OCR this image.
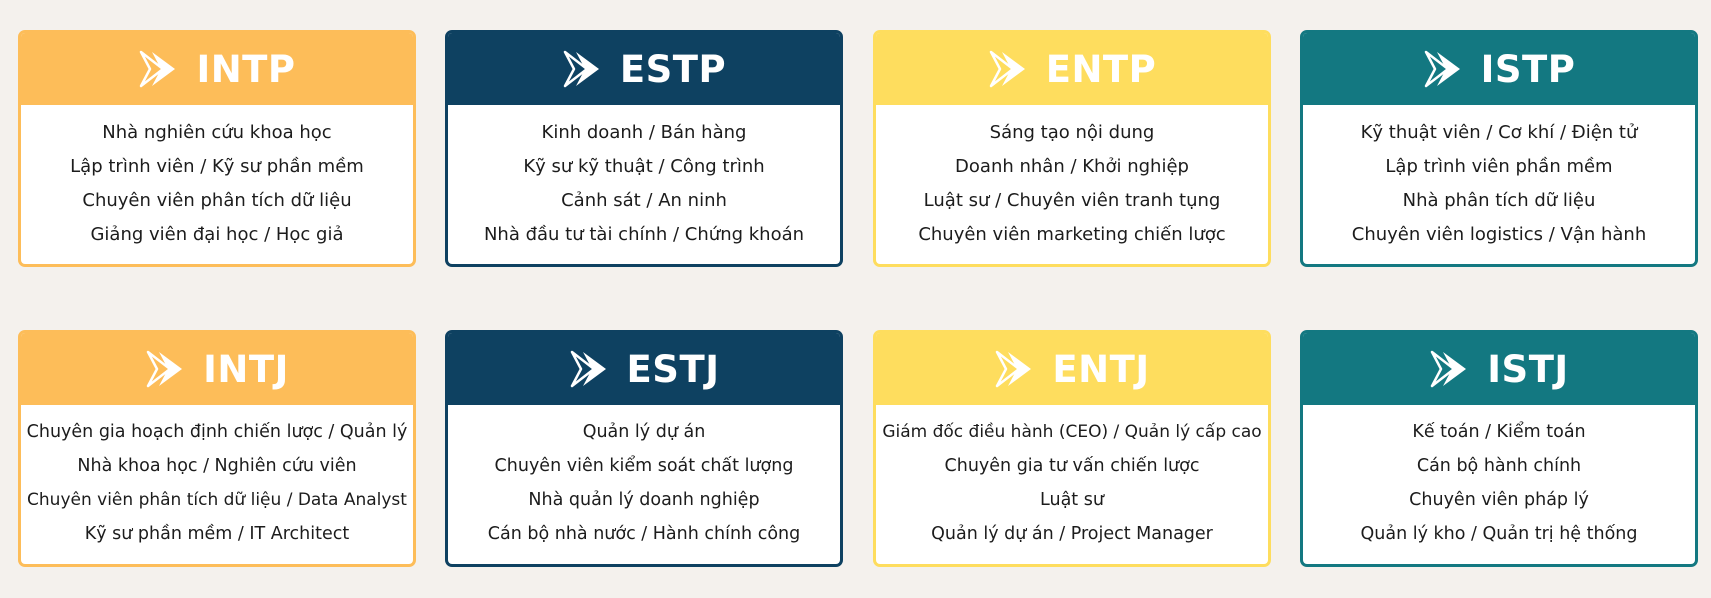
INTP
Nhà nghiên cứu khoa học
Lập trình viên / Kỹ sư phần mềm
Chuyên viên phân tích dữ liệu
Giảng viên đại học / Học giả
ESTP
Kinh doanh / Bán hàng
Kỹ sư kỹ thuật / Công trình
Cảnh sát / An ninh
Nhà đầu tư tài chính / Chứng khoán
ENTP
Sáng tạo nội dung
Doanh nhân / Khởi nghiệp
Luật sư / Chuyên viên tranh tụng
Chuyên viên marketing chiến lược
ISTP
Kỹ thuật viên / Cơ khí / Điện tử
Lập trình viên phần mềm
Nhà phân tích dữ liệu
Chuyên viên logistics / Vận hành
INTJ
Chuyên gia hoạch định chiến lược / Quản lý
Nhà khoa học / Nghiên cứu viên
Chuyên viên phân tích dữ liệu / Data Analyst
Kỹ sư phần mềm / IT Architect
ESTJ
Quản lý dự án
Chuyên viên kiểm soát chất lượng
Nhà quản lý doanh nghiệp
Cán bộ nhà nước / Hành chính công
ENTJ
Giám đốc điều hành (CEO) / Quản lý cấp cao
Chuyên gia tư vấn chiến lược
Luật sư
Quản lý dự án / Project Manager
ISTJ
Kế toán / Kiểm toán
Cán bộ hành chính
Chuyên viên pháp lý
Quản lý kho / Quản trị hệ thống
